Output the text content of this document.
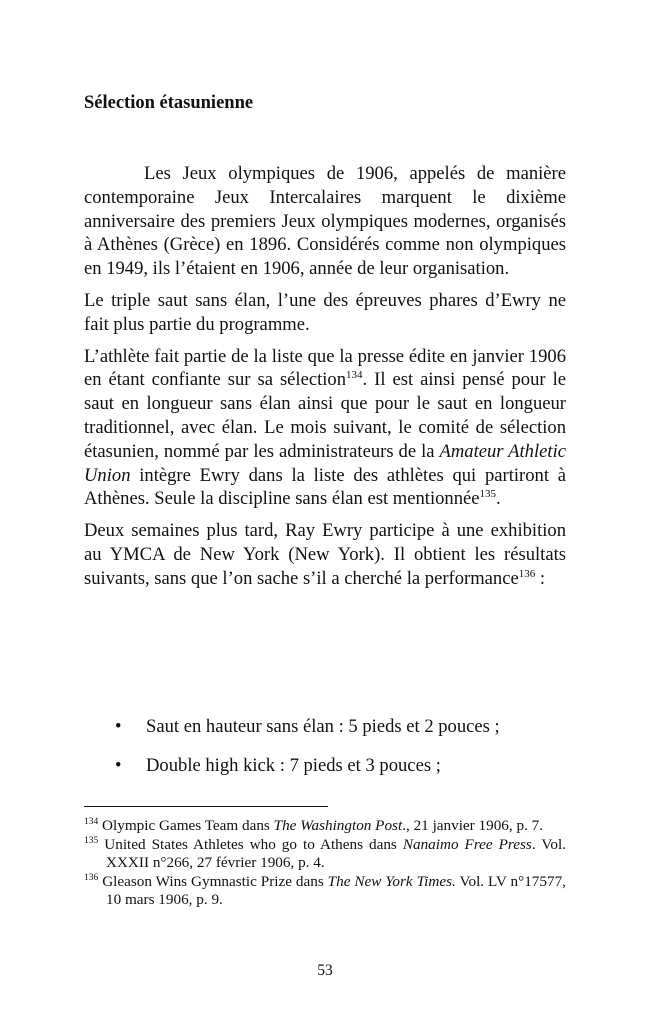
Sélection étasunienne

Les Jeux olympiques de 1906, appelés de manière contemporaine Jeux Intercalaires marquent le dixième anniversaire des premiers Jeux olympiques modernes, organisés à Athènes (Grèce) en 1896. Considérés comme non olympiques en 1949, ils l’étaient en 1906, année de leur organisation.

Le triple saut sans élan, l’une des épreuves phares d’Ewry ne fait plus partie du programme.

L’athlète fait partie de la liste que la presse édite en janvier 1906 en étant confiante sur sa sélection$^{134}$. Il est ainsi pensé pour le saut en longueur sans élan ainsi que pour le saut en longueur traditionnel, avec élan. Le mois suivant, le comité de sélection étasunien, nommé par les administrateurs de la Amateur Athletic Union intègre Ewry dans la liste des athlètes qui partiront à Athènes. Seule la discipline sans élan est mentionnée$^{135}$.

Deux semaines plus tard, Ray Ewry participe à une exhibition au YMCA de New York (New York). Il obtient les résultats suivants, sans que l’on sache s’il a cherché la performance$^{136}$ :

• Saut en hauteur sans élan : 5 pieds et 2 pouces ;
• Double high kick : 7 pieds et 3 pouces ;
$^{134}$ Olympic Games Team dans The Washington Post., 21 janvier 1906, p. 7.
$^{135}$ United States Athletes who go to Athens dans Nanaimo Free Press. Vol. XXXII n°266, 27 février 1906, p. 4.
$^{136}$ Gleason Wins Gymnastic Prize dans The New York Times. Vol. LV n°17577, 10 mars 1906, p. 9.
53
